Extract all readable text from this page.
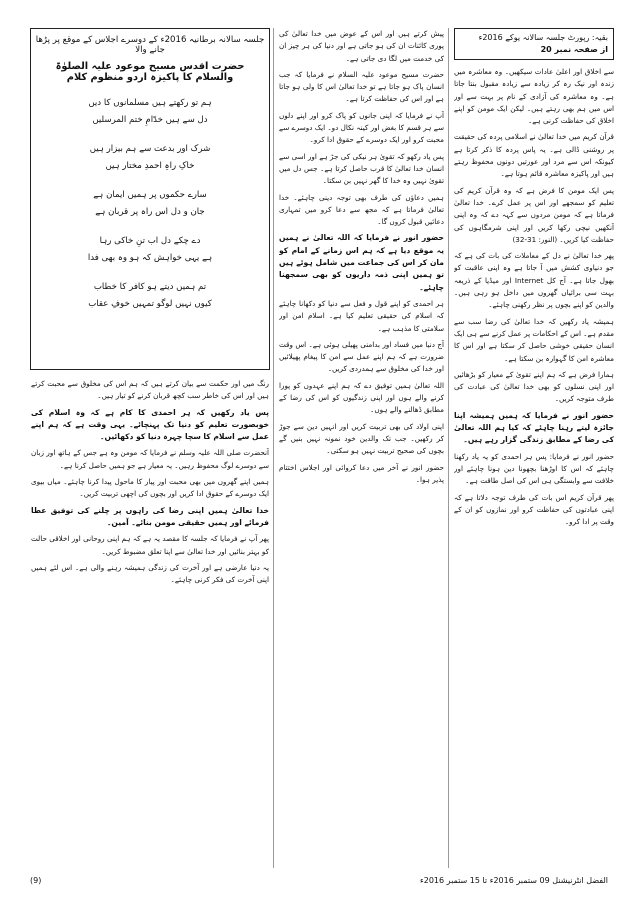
بقیہ: رپورٹ جلسہ سالانہ یوکے 2016ء
از صفحہ نمبر 20

سے اخلاق اور اعلیٰ عادات سیکھیں۔ وہ معاشرہ میں زندہ اور نیک رہ کر زیادہ سے زیادہ مقبول بنتا جاتا ہے۔ وہ معاشرہ کی آزادی کے نام پر بہت سے اور اس میں ہم بھی رہتے ہیں۔ لیکن ایک مومن کو اپنے اخلاق کی حفاظت کرنی ہے۔

قرآن کریم میں خدا تعالیٰ نے اسلامی پردہ کی حقیقت پر روشنی ڈالی ہے۔ یہ پاس پردہ کا ذکر کرتا ہے کیونکہ اس سے مرد اور عورتیں دونوں محفوظ رہتے ہیں اور پاکیزہ معاشرہ قائم ہوتا ہے۔

پس ایک مومن کا فرض ہے کہ وہ قرآن کریم کی تعلیم کو سمجھے اور اس پر عمل کرے۔ خدا تعالیٰ فرماتا ہے کہ مومن مردوں سے کہہ دے کہ وہ اپنی آنکھیں نیچی رکھا کریں اور اپنی شرمگاہوں کی حفاظت کیا کریں۔ (النور: 31-32)

پھر خدا تعالیٰ نے دل کے معاملات کی بات کی ہے کہ جو دنیاوی کشش میں آ جاتا ہے وہ اپنی عاقبت کو بھول جاتا ہے۔ آج کل Internet اور میڈیا کے ذریعہ بہت سی برائیاں گھروں میں داخل ہو رہی ہیں۔ والدین کو اپنے بچوں پر نظر رکھنی چاہئے۔

ہمیشہ یاد رکھیں کہ خدا تعالیٰ کی رضا سب سے مقدم ہے۔ اس کے احکامات پر عمل کرنے سے ہی ایک انسان حقیقی خوشی حاصل کر سکتا ہے اور اس کا معاشرہ امن کا گہوارہ بن سکتا ہے۔

ہمارا فرض ہے کہ ہم اپنے تقویٰ کے معیار کو بڑھائیں اور اپنی نسلوں کو بھی خدا تعالیٰ کی عبادت کی طرف متوجہ کریں۔

حضور انور نے فرمایا کہ ہمیں ہمیشہ اپنا جائزہ لیتے رہنا چاہئے کہ کیا ہم اللہ تعالیٰ کی رضا کے مطابق زندگی گزار رہے ہیں۔

حضور انور نے فرمایا: پس ہر احمدی کو یہ یاد رکھنا چاہئے کہ اس کا اوڑھنا بچھونا دین ہونا چاہئے اور خلافت سے وابستگی ہی اس کی اصل طاقت ہے۔

پھر قرآن کریم اس بات کی طرف توجہ دلاتا ہے کہ اپنی عبادتوں کی حفاظت کرو اور نمازوں کو ان کے وقت پر ادا کرو۔

پیش کرتے ہیں اور اس کے عوض میں خدا تعالیٰ کی پوری کائنات ان کی ہو جاتی ہے اور دنیا کی ہر چیز ان کی خدمت میں لگا دی جاتی ہے۔

حضرت مسیح موعود علیہ السلام نے فرمایا کہ جب انسان پاک ہو جاتا ہے تو خدا تعالیٰ اس کا ولی ہو جاتا ہے اور اس کی حفاظت کرتا ہے۔

آپ نے فرمایا کہ اپنی جانوں کو پاک کرو اور اپنے دلوں سے ہر قسم کا بغض اور کینہ نکال دو۔ ایک دوسرے سے محبت کرو اور ایک دوسرے کے حقوق ادا کرو۔

پس یاد رکھو کہ تقویٰ ہر نیکی کی جڑ ہے اور اسی سے انسان خدا تعالیٰ کا قرب حاصل کرتا ہے۔ جس دل میں تقویٰ نہیں وہ خدا کا گھر نہیں بن سکتا۔

ہمیں دعاؤں کی طرف بھی توجہ دینی چاہئے۔ خدا تعالیٰ فرماتا ہے کہ مجھ سے دعا کرو میں تمہاری دعائیں قبول کروں گا۔

حضور انور نے فرمایا کہ اللہ تعالیٰ نے ہمیں یہ موقع دیا ہے کہ ہم اس زمانے کے امام کو مان کر اس کی جماعت میں شامل ہوئے ہیں تو ہمیں اپنی ذمہ داریوں کو بھی سمجھنا چاہئے۔

ہر احمدی کو اپنے قول و فعل سے دنیا کو دکھانا چاہئے کہ اسلام کی حقیقی تعلیم کیا ہے۔ اسلام امن اور سلامتی کا مذہب ہے۔

آج دنیا میں فساد اور بدامنی پھیلی ہوئی ہے۔ اس وقت ضرورت ہے کہ ہم اپنے عمل سے امن کا پیغام پھیلائیں اور خدا کی مخلوق سے ہمدردی کریں۔

اللہ تعالیٰ ہمیں توفیق دے کہ ہم اپنے عہدوں کو پورا کرنے والے ہوں اور اپنی زندگیوں کو اس کی رضا کے مطابق ڈھالنے والے ہوں۔

اپنی اولاد کی بھی تربیت کریں اور انہیں دین سے جوڑ کر رکھیں۔ جب تک والدین خود نمونہ نہیں بنیں گے بچوں کی صحیح تربیت نہیں ہو سکتی۔

حضور انور نے آخر میں دعا کروائی اور اجلاس اختتام پذیر ہوا۔

جلسہ سالانہ برطانیہ 2016ء کے دوسرے اجلاس کے موقع پر پڑھا جانے والا
حضرت اقدس مسیح موعود علیہ الصلوٰۃ والسلام کا پاکیزہ اردو منظوم کلام
ہم تو رکھتے ہیں مسلمانوں کا دیں
دل سے ہیں خدّامِ ختم المرسلیں
شرک اور بدعت سے ہم بیزار ہیں
خاکِ راہِ احمدِ مختار ہیں
سارے حکموں پر ہمیں ایمان ہے
جان و دل اس راہ پر قربان ہے
دے چکے دل اب تنِ خاکی رہا
ہے یہی خواہش کہ ہو وہ بھی فدا
تم ہمیں دیتے ہو کافر کا خطاب
کیوں نہیں لوگو تمہیں خوفِ عقاب

رنگ میں اور حکمت سے بیان کرتے ہیں کہ ہم اس کی مخلوق سے محبت کرتے ہیں اور اس کی خاطر سب کچھ قربان کرنے کو تیار ہیں۔

پس یاد رکھیں کہ ہر احمدی کا کام ہے کہ وہ اسلام کی خوبصورت تعلیم کو دنیا تک پہنچائے۔ یہی وقت ہے کہ ہم اپنے عمل سے اسلام کا سچا چہرہ دنیا کو دکھائیں۔

آنحضرت صلی اللہ علیہ وسلم نے فرمایا کہ مومن وہ ہے جس کے ہاتھ اور زبان سے دوسرے لوگ محفوظ رہیں۔ یہ معیار ہے جو ہمیں حاصل کرنا ہے۔

ہمیں اپنے گھروں میں بھی محبت اور پیار کا ماحول پیدا کرنا چاہئے۔ میاں بیوی ایک دوسرے کے حقوق ادا کریں اور بچوں کی اچھی تربیت کریں۔

خدا تعالیٰ ہمیں اپنی رضا کی راہوں پر چلنے کی توفیق عطا فرمائے اور ہمیں حقیقی مومن بنائے۔ آمین۔

پھر آپ نے فرمایا کہ جلسہ کا مقصد یہ ہے کہ ہم اپنی روحانی اور اخلاقی حالت کو بہتر بنائیں اور خدا تعالیٰ سے اپنا تعلق مضبوط کریں۔

یہ دنیا عارضی ہے اور آخرت کی زندگی ہمیشہ رہنے والی ہے۔ اس لئے ہمیں اپنی آخرت کی فکر کرنی چاہئے۔

الفضل انٹرنیشنل 09 ستمبر 2016ء تا 15 ستمبر 2016ء
(9)
